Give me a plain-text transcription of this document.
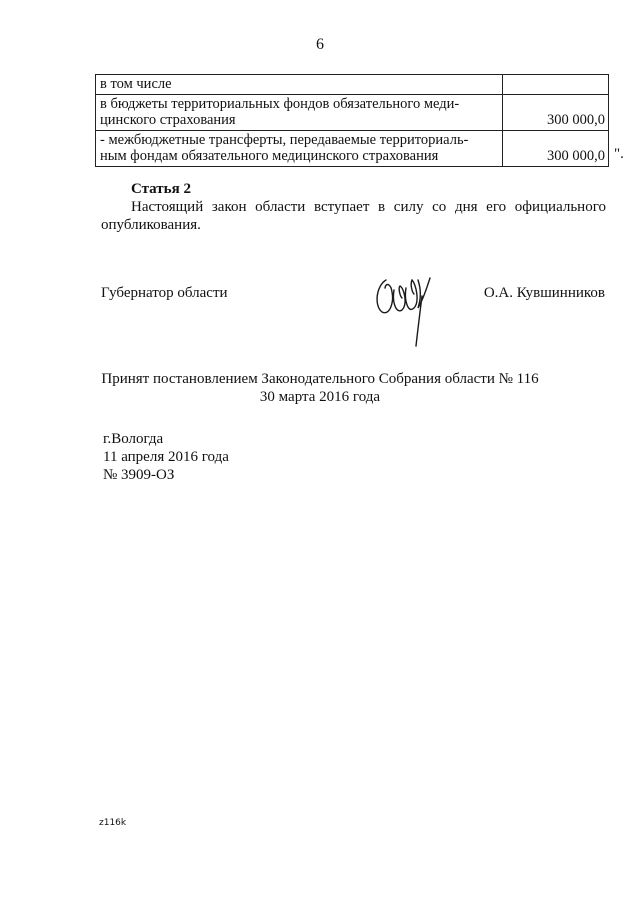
6
в том числе	
в бюджеты территориальных фондов обязательного меди-
цинского страхования	300 000,0
- межбюджетные трансферты, передаваемые территориаль-
ным фондам обязательного медицинского страхования	300 000,0 ".
Статья 2

Настоящий закон области вступает в силу со дня его официального опубликования.

Губернатор области	О.А. Кувшинников
Принят постановлением Законодательного Собрания области № 116
30 марта 2016 года
г.Вологда
11 апреля 2016 года
№ 3909-ОЗ
z116k
